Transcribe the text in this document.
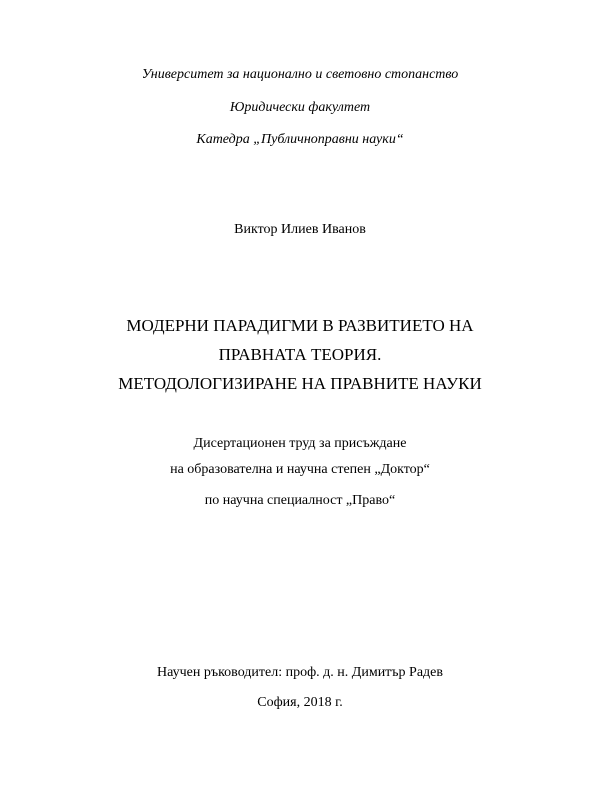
Университет за национално и световно стопанство
Юридически факултет
Катедра „Публичноправни науки“
Виктор Илиев Иванов
МОДЕРНИ ПАРАДИГМИ В РАЗВИТИЕТО НА
ПРАВНАТА ТЕОРИЯ.
МЕТОДОЛОГИЗИРАНЕ НА ПРАВНИТЕ НАУКИ
Дисертационен труд за присъждане
на образователна и научна степен „Доктор“
по научна специалност „Право“
Научен ръководител: проф. д. н. Димитър Радев
София, 2018 г.
